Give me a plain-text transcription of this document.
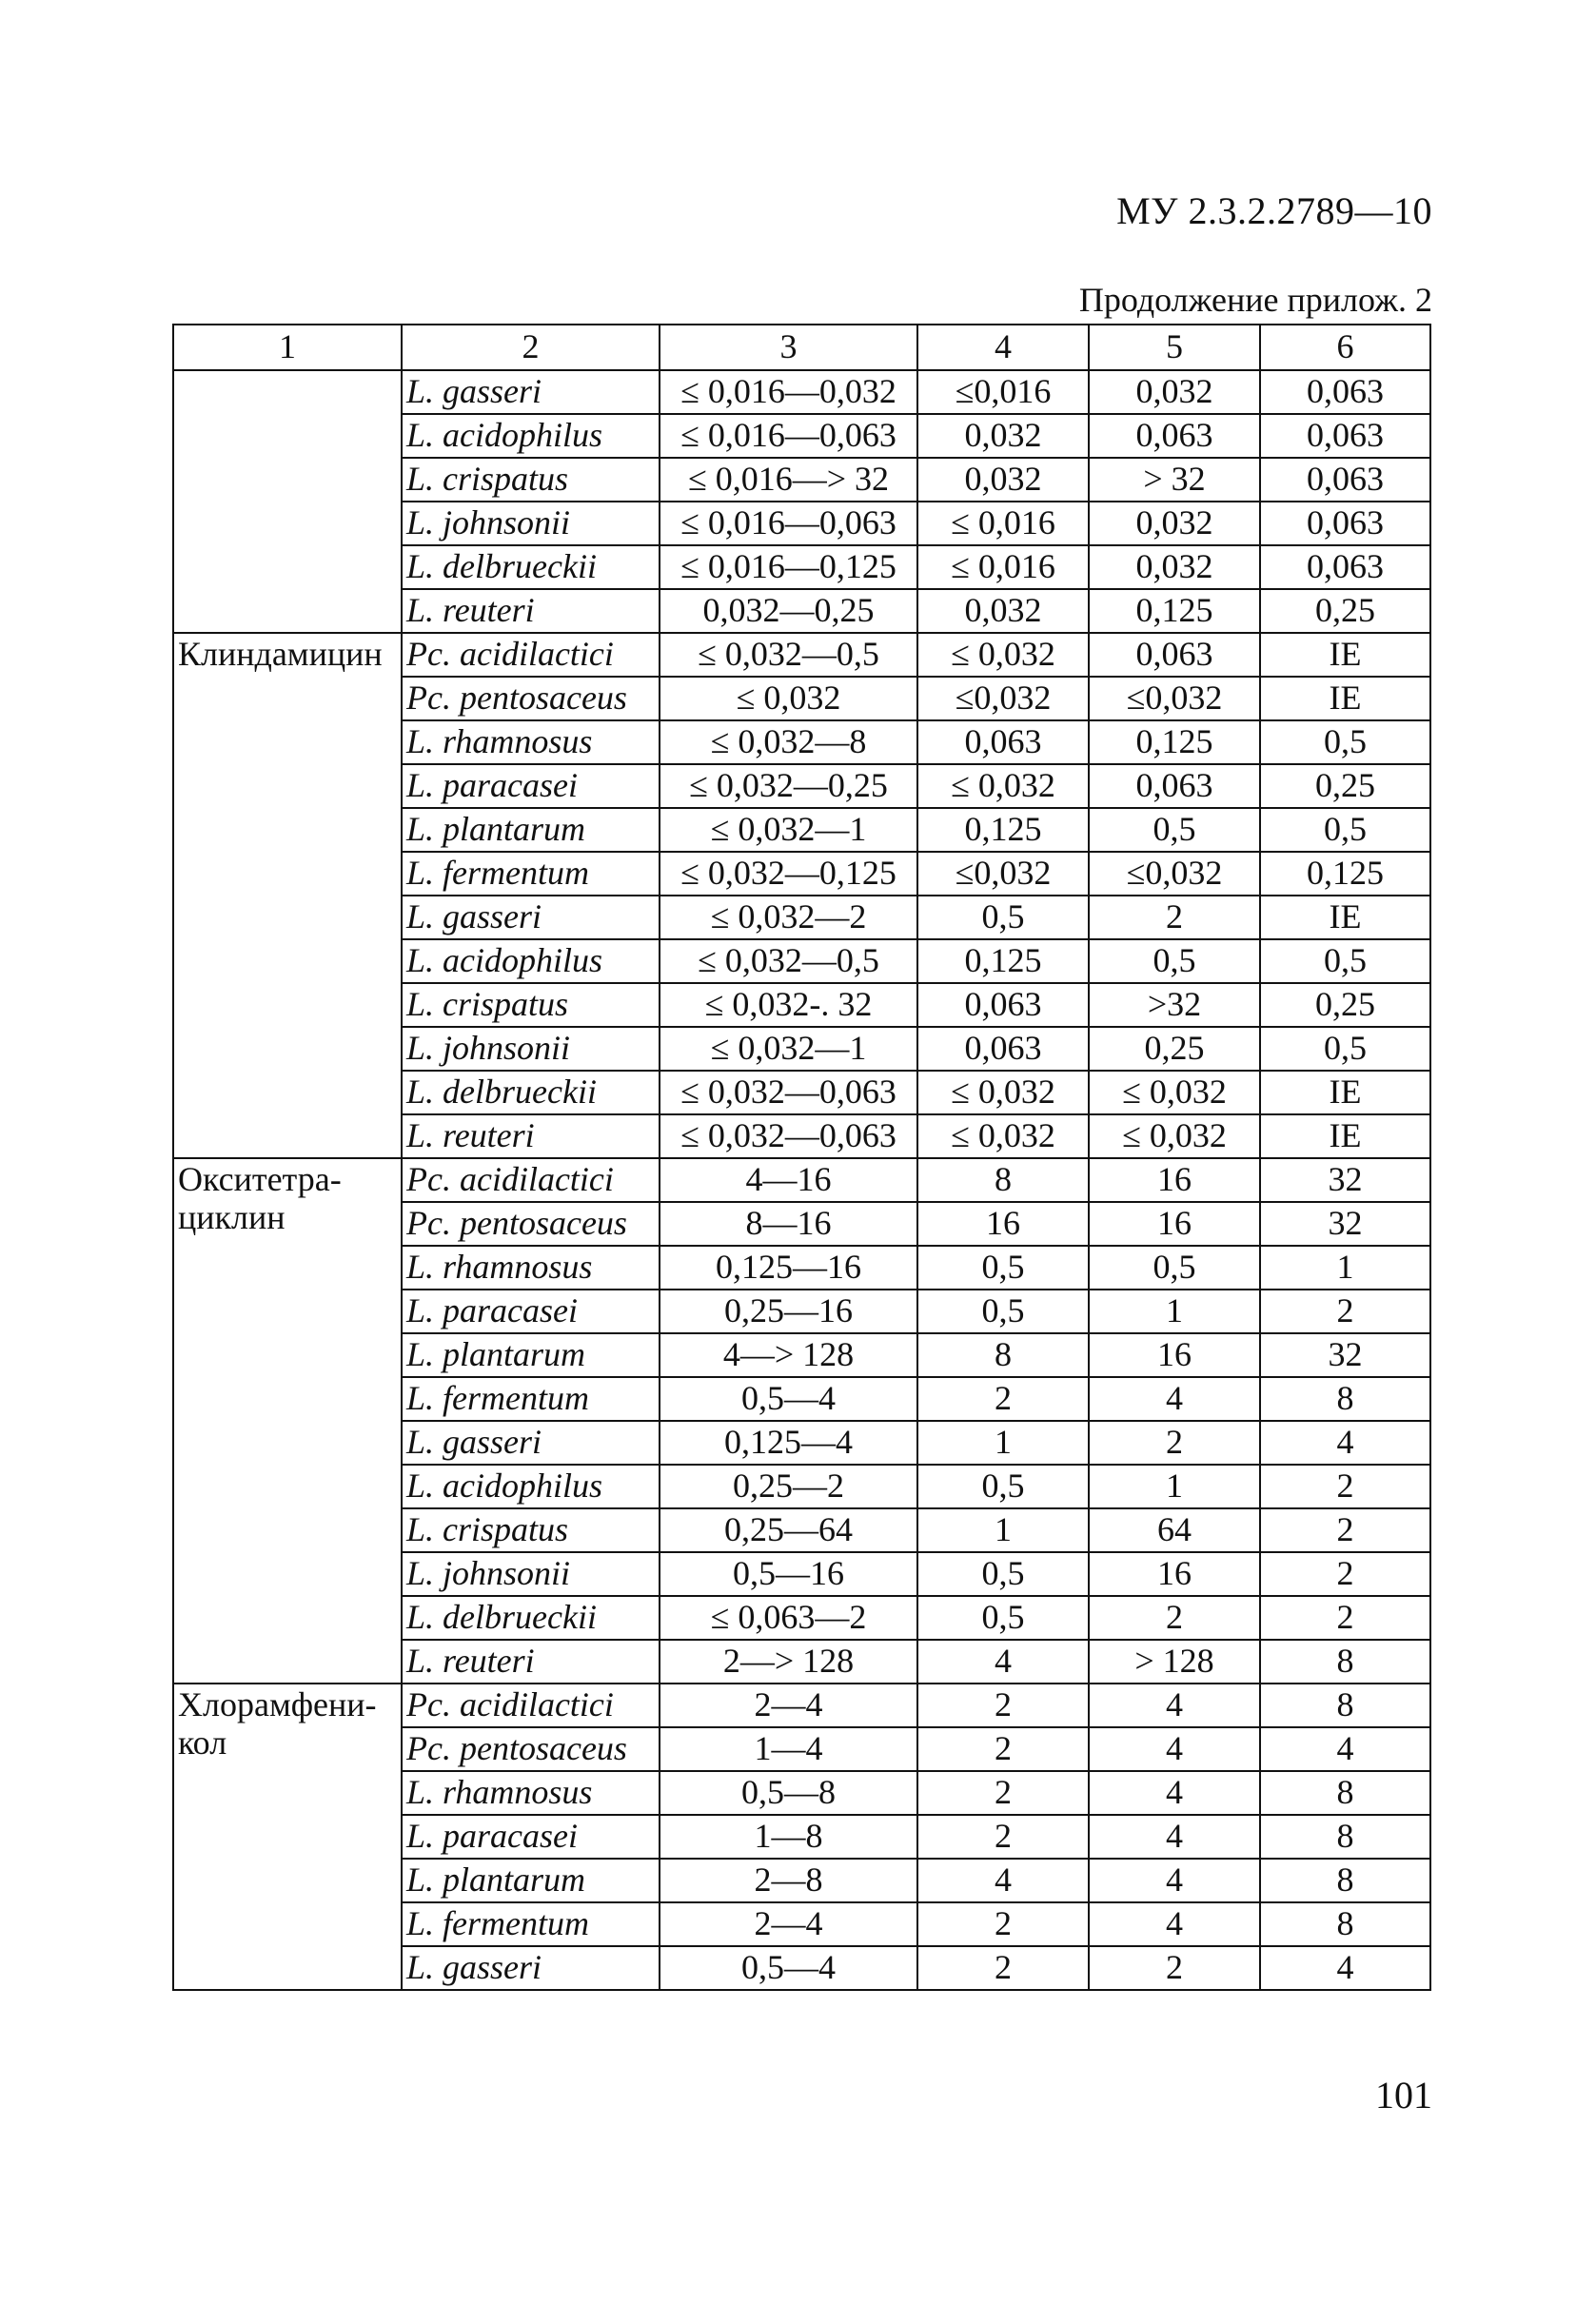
МУ 2.3.2.2789—10
Продолжение прилож. 2
1	2	3	4	5	6
	L. gasseri	≤ 0,016—0,032	≤0,016	0,032	0,063
	L. acidophilus	≤ 0,016—0,063	0,032	0,063	0,063
	L. crispatus	≤ 0,016—> 32	0,032	> 32	0,063
	L. johnsonii	≤ 0,016—0,063	≤ 0,016	0,032	0,063
	L. delbrueckii	≤ 0,016—0,125	≤ 0,016	0,032	0,063
	L. reuteri	0,032—0,25	0,032	0,125	0,25

Клиндамицин	Pc. acidilactici	≤ 0,032—0,5	≤ 0,032	0,063	IE
	Pc. pentosaceus	≤ 0,032	≤0,032	≤0,032	IE
	L. rhamnosus	≤ 0,032—8	0,063	0,125	0,5
	L. paracasei	≤ 0,032—0,25	≤ 0,032	0,063	0,25
	L. plantarum	≤ 0,032—1	0,125	0,5	0,5
	L. fermentum	≤ 0,032—0,125	≤0,032	≤0,032	0,125
	L. gasseri	≤ 0,032—2	0,5	2	IE
	L. acidophilus	≤ 0,032—0,5	0,125	0,5	0,5
	L. crispatus	≤ 0,032-. 32	0,063	>32	0,25
	L. johnsonii	≤ 0,032—1	0,063	0,25	0,5
	L. delbrueckii	≤ 0,032—0,063	≤ 0,032	≤ 0,032	IE
	L. reuteri	≤ 0,032—0,063	≤ 0,032	≤ 0,032	IE

Окситетра-
циклин	Pc. acidilactici	4—16	8	16	32
	Pc. pentosaceus	8—16	16	16	32
	L. rhamnosus	0,125—16	0,5	0,5	1
	L. paracasei	0,25—16	0,5	1	2
	L. plantarum	4—> 128	8	16	32
	L. fermentum	0,5—4	2	4	8
	L. gasseri	0,125—4	1	2	4
	L. acidophilus	0,25—2	0,5	1	2
	L. crispatus	0,25—64	1	64	2
	L. johnsonii	0,5—16	0,5	16	2
	L. delbrueckii	≤ 0,063—2	0,5	2	2
	L. reuteri	2—> 128	4	> 128	8

Хлорамфени-
кол	Pc. acidilactici	2—4	2	4	8
	Pc. pentosaceus	1—4	2	4	4
	L. rhamnosus	0,5—8	2	4	8
	L. paracasei	1—8	2	4	8
	L. plantarum	2—8	4	4	8
	L. fermentum	2—4	2	4	8
	L. gasseri	0,5—4	2	2	4
101
